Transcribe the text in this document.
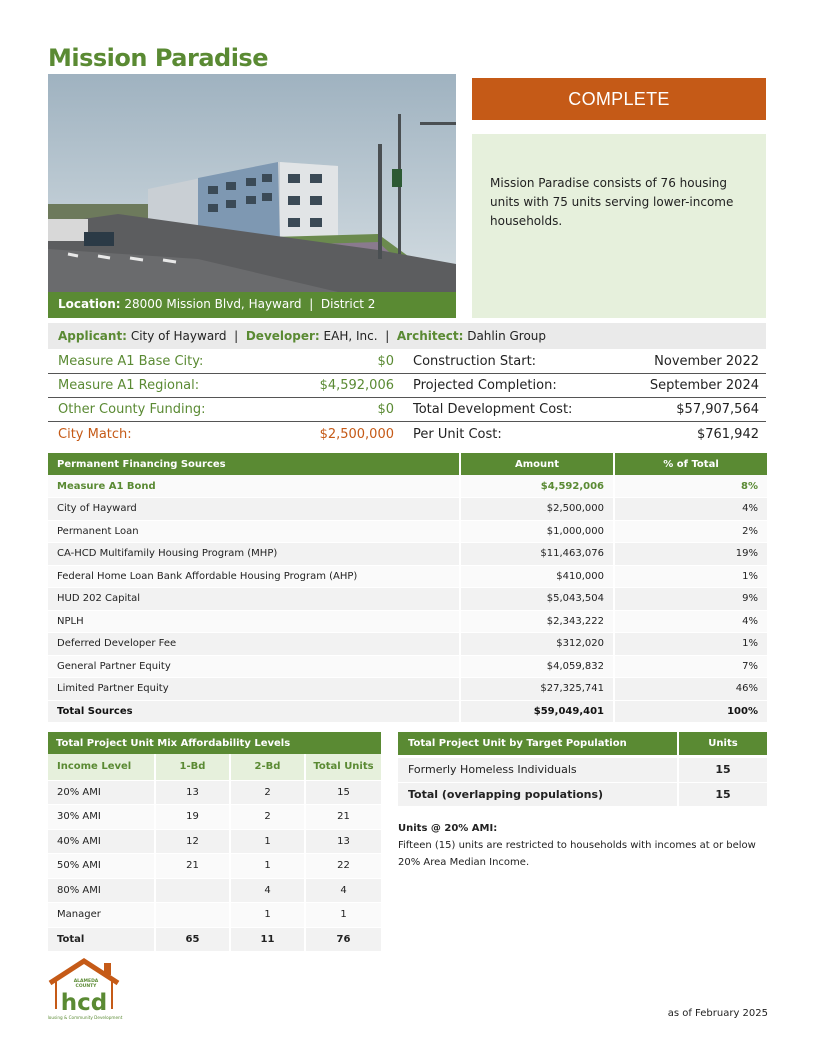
Mission Paradise
Location: 28000 Mission Blvd, Hayward | District 2
COMPLETE
Mission Paradise consists of 76 housing units with 75 units serving lower-income households.
Applicant: City of Hayward | Developer: EAH, Inc. | Architect: Dahlin Group
Measure A1 Base City:	$0 Construction Start:	November 2022
Measure A1 Regional:	$4,592,006 Projected Completion:	September 2024
Other County Funding:	$0 Total Development Cost:	$57,907,564
City Match:	$2,500,000 Per Unit Cost:	$761,942
Permanent Financing Sources	Amount	% of Total
Measure A1 Bond	$4,592,006	8%
City of Hayward	$2,500,000	4%
Permanent Loan	$1,000,000	2%
CA-HCD Multifamily Housing Program (MHP)	$11,463,076	19%
Federal Home Loan Bank Affordable Housing Program (AHP)	$410,000	1%
HUD 202 Capital	$5,043,504	9%
NPLH	$2,343,222	4%
Deferred Developer Fee	$312,020	1%
General Partner Equity	$4,059,832	7%
Limited Partner Equity	$27,325,741	46%
Total Sources	$59,049,401	100%
Total Project Unit Mix Affordability Levels			
Income Level	1-Bd	2-Bd	Total Units
20% AMI	13	2	15
30% AMI	19	2	21
40% AMI	12	1	13
50% AMI	21	1	22
80% AMI		4	4
Manager		1	1
Total	65	11	76
Total Project Unit by Target Population	Units

Formerly Homeless Individuals	15
Total (overlapping populations)	15
Units @ 20% AMI:
Fifteen (15) units are restricted to households with incomes at or below 20% Area Median Income.
ALAMEDA
COUNTY
hcd
Housing & Community Development	as of February 2025
